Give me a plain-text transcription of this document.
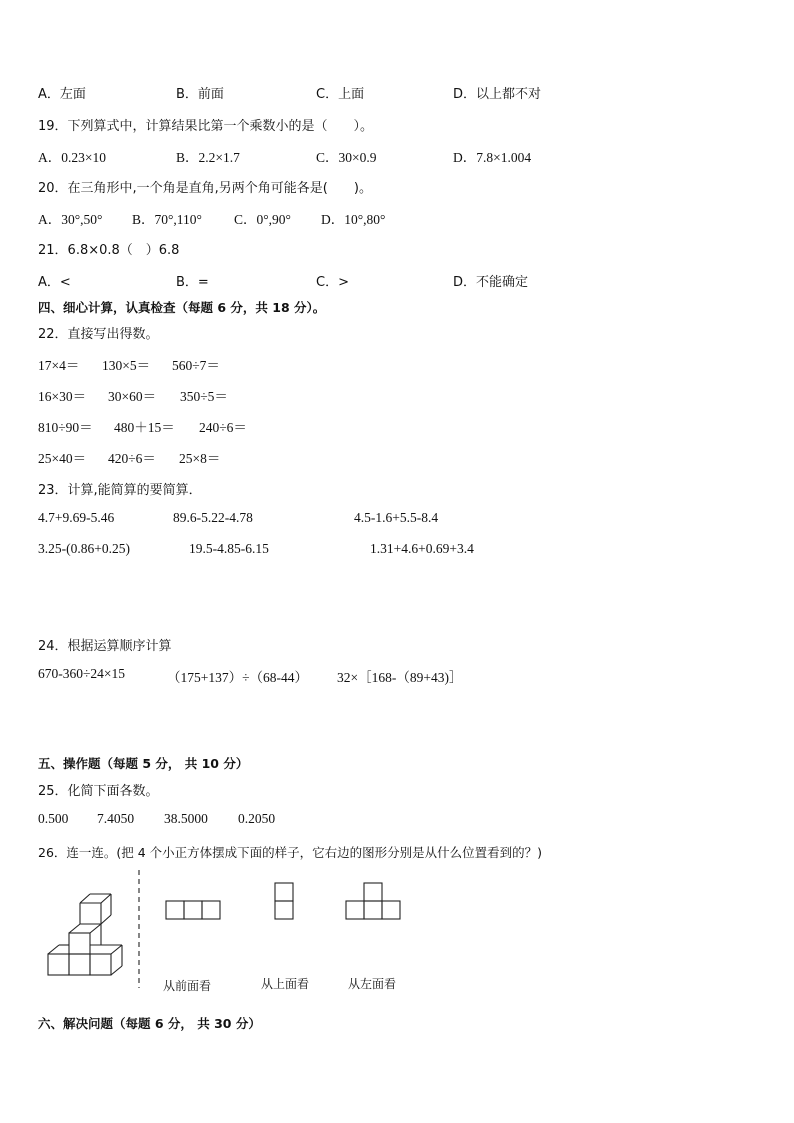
A．左面	B．前面	C．上面	D．以上都不对
19．下列算式中，计算结果比第一个乘数小的是（　　）。
A．0.23×10	B．2.2×1.7	C．30×0.9	D．7.8×1.004
20．在三角形中,一个角是直角,另两个角可能各是(　　)。
A．30°,50° B．70°,110° C．0°,90° D．10°,80°
21．6.8×0.8（　）6.8
A．<	B．=	C．>	D．不能确定
四、细心计算，认真检查（每题 6 分，共 18 分）。
22．直接写出得数。
17×4＝ 130×5＝ 560÷7＝
16×30＝ 30×60＝ 350÷5＝
810÷90＝ 480＋15＝ 240÷6＝
25×40＝ 420÷6＝ 25×8＝
23．计算,能简算的要简算．
4.7+9.69-5.46	89.6-5.22-4.78	4.5-1.6+5.5-8.4
3.25-(0.86+0.25)	19.5-4.85-6.15	1.31+4.6+0.69+3.4
24．根据运算顺序计算
670-360÷24×15	（175+137）÷（68-44） 32×［168-（89+43)］
五、操作题（每题 5 分， 共 10 分）
25．化简下面各数。
0.500 7.4050 38.5000 0.2050
26．连一连。(把 4 个小正方体摆成下面的样子，它右边的图形分别是从什么位置看到的？)
从前面看	从上面看	从左面看
六、解决问题（每题 6 分， 共 30 分）
